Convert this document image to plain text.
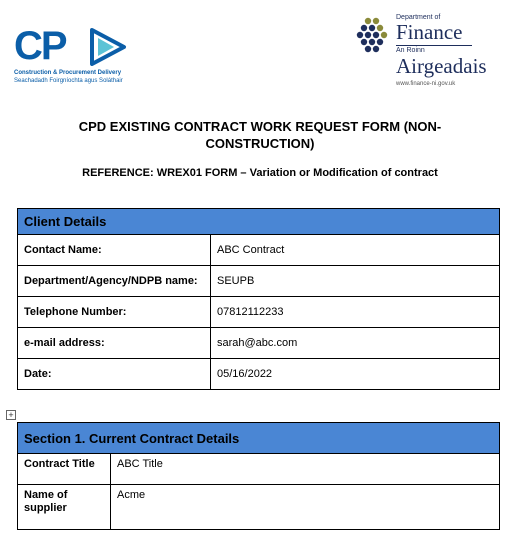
CP
Construction & Procurement Delivery
Seachadadh Foirgníochta agus Soláthair
Department of
Finance
An Roinn
Airgeadais
www.finance-ni.gov.uk
CPD EXISTING CONTRACT WORK REQUEST FORM (NON-CONSTRUCTION)
REFERENCE: WREX01 FORM – Variation or Modification of contract
Client Details	
Contact Name:	ABC Contract
Department/Agency/NDPB name:	SEUPB
Telephone Number:	07812112233
e-mail address:	sarah@abc.com
Date:	05/16/2022
+
Section 1. Current Contract Details	
Contract Title	ABC Title
Name of supplier	Acme
